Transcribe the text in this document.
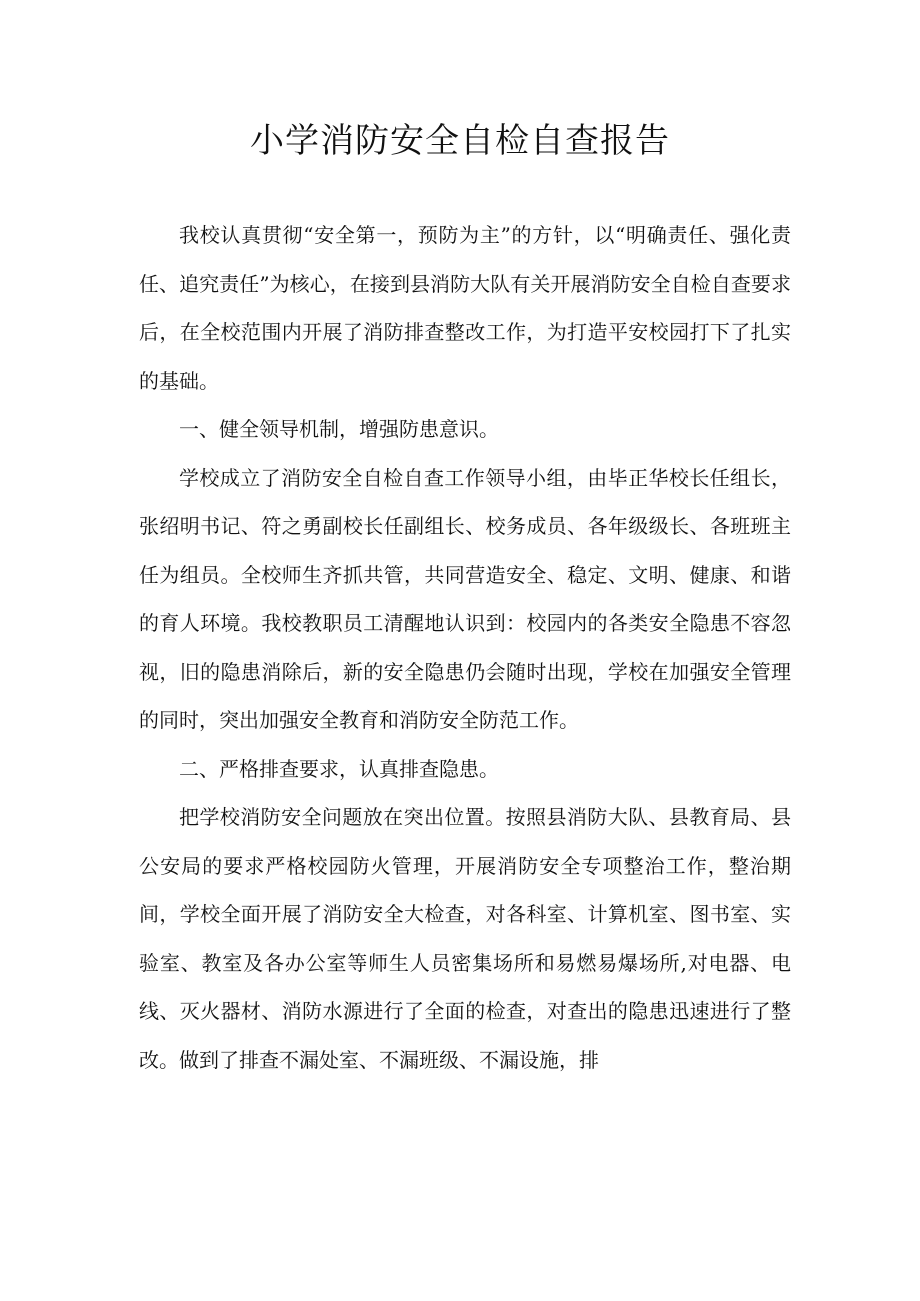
小学消防安全自检自查报告

我校认真贯彻“安全第一，预防为主”的方针，以“明确责任、强化责任、追究责任”为核心，在接到县消防大队有关开展消防安全自检自查要求后，在全校范围内开展了消防排查整改工作，为打造平安校园打下了扎实的基础。

一、健全领导机制，增强防患意识。

学校成立了消防安全自检自查工作领导小组，由毕正华校长任组长，张绍明书记、符之勇副校长任副组长、校务成员、各年级级长、各班班主任为组员。全校师生齐抓共管，共同营造安全、稳定、文明、健康、和谐的育人环境。我校教职员工清醒地认识到：校园内的各类安全隐患不容忽视，旧的隐患消除后，新的安全隐患仍会随时出现，学校在加强安全管理的同时，突出加强安全教育和消防安全防范工作。

二、严格排查要求，认真排查隐患。

把学校消防安全问题放在突出位置。按照县消防大队、县教育局、县公安局的要求严格校园防火管理，开展消防安全专项整治工作，整治期间，学校全面开展了消防安全大检查，对各科室、计算机室、图书室、实验室、教室及各办公室等师生人员密集场所和易燃易爆场所,对电器、电线、灭火器材、消防水源进行了全面的检查，对查出的隐患迅速进行了整改。做到了排查不漏处室、不漏班级、不漏设施，排
